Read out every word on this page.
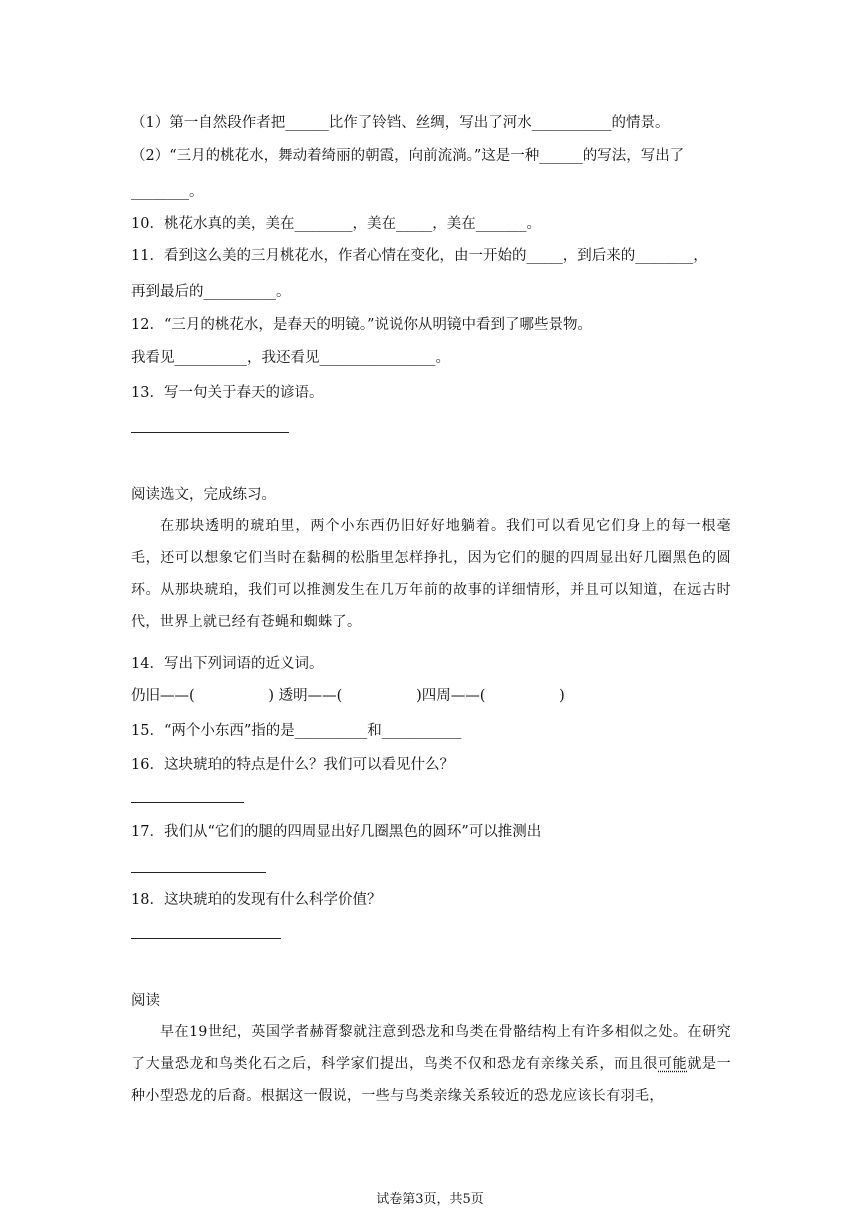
（1）第一自然段作者把______比作了铃铛、丝绸，写出了河水___________的情景。
（2）“三月的桃花水，舞动着绮丽的朝霞，向前流淌。”这是一种______的写法，写出了
________。
10．桃花水真的美，美在________，美在_____，美在_______。
11．看到这么美的三月桃花水，作者心情在变化，由一开始的_____，到后来的________，
再到最后的__________。
12．“三月的桃花水，是春天的明镜。”说说你从明镜中看到了哪些景物。
我看见__________，我还看见________________。
13．写一句关于春天的谚语。
阅读选文，完成练习。
在那块透明的琥珀里，两个小东西仍旧好好地躺着。我们可以看见它们身上的每一根毫毛，还可以想象它们当时在黏稠的松脂里怎样挣扎，因为它们的腿的四周显出好几圈黑色的圆环。从那块琥珀，我们可以推测发生在几万年前的故事的详细情形，并且可以知道，在远古时代，世界上就已经有苍蝇和蜘蛛了。
14．写出下列词语的近义词。
仍旧——(                ) 透明——(                )四周——(                )
15．“两个小东西”指的是__________和___________
16．这块琥珀的特点是什么？我们可以看见什么？
17．我们从“它们的腿的四周显出好几圈黑色的圆环”可以推测出
18．这块琥珀的发现有什么科学价值？
阅读
早在19世纪，英国学者赫胥黎就注意到恐龙和鸟类在骨骼结构上有许多相似之处。在研究了大量恐龙和鸟类化石之后，科学家们提出，鸟类不仅和恐龙有亲缘关系，而且很可能就是一种小型恐龙的后裔。根据这一假说，一些与鸟类亲缘关系较近的恐龙应该长有羽毛，
试卷第3页，共5页
